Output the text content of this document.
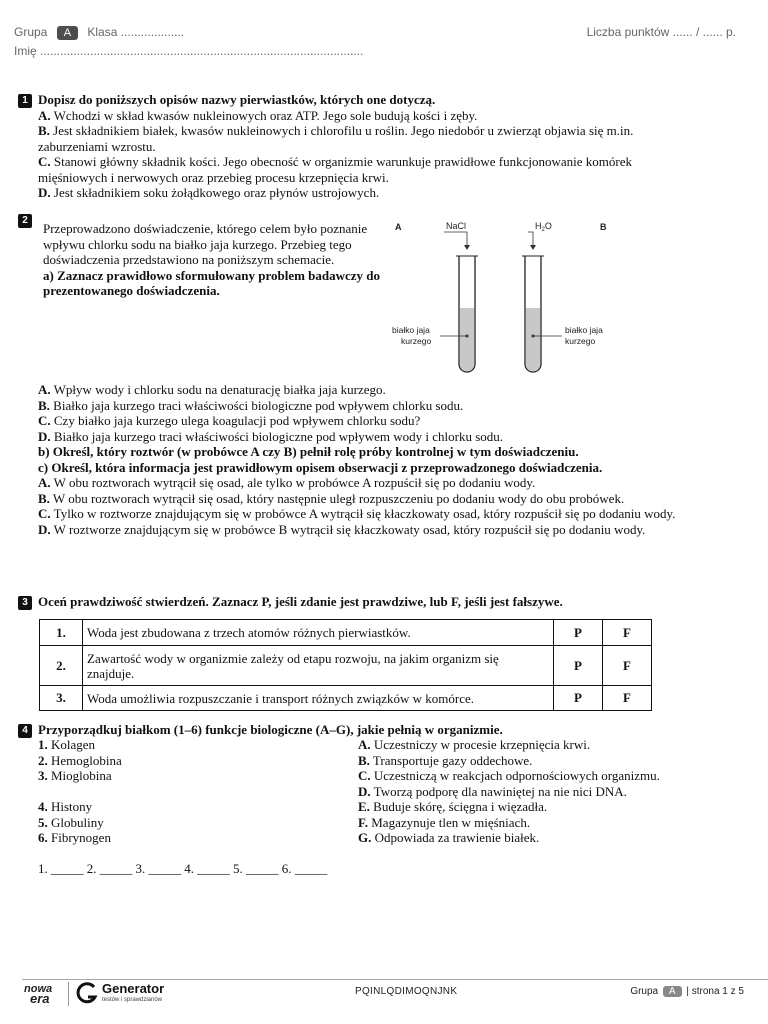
Grupa A Klasa ...................	Liczba punktów ...... / ...... p.
Imię .................................................................................................
1 Dopisz do poniższych opisów nazwy pierwiastków, których one dotyczą.

A. Wchodzi w skład kwasów nukleinowych oraz ATP. Jego sole budują kości i zęby.

B. Jest składnikiem białek, kwasów nukleinowych i chlorofilu u roślin. Jego niedobór u zwierząt objawia się m.in. zaburzeniami wzrostu.

C. Stanowi główny składnik kości. Jego obecność w organizmie warunkuje prawidłowe funkcjonowanie komórek mięśniowych i nerwowych oraz przebieg procesu krzepnięcia krwi.

D. Jest składnikiem soku żołądkowego oraz płynów ustrojowych.

2

Przeprowadzono doświadczenie, którego celem było poznanie wpływu chlorku sodu na białko jaja kurzego. Przebieg tego doświadczenia przedstawiono na poniższym schemacie.

a) Zaznacz prawidłowo sformułowany problem badawczy do prezentowanego doświadczenia.

A	B
NaCl	$H_2O$
białko jaja
kurzego
białko jaja
kurzego

A. Wpływ wody i chlorku sodu na denaturację białka jaja kurzego.

B. Białko jaja kurzego traci właściwości biologiczne pod wpływem chlorku sodu.

C. Czy białko jaja kurzego ulega koagulacji pod wpływem chlorku sodu?

D. Białko jaja kurzego traci właściwości biologiczne pod wpływem wody i chlorku sodu.

b) Określ, który roztwór (w probówce A czy B) pełnił rolę próby kontrolnej w tym doświadczeniu.

c) Określ, która informacja jest prawidłowym opisem obserwacji z przeprowadzonego doświadczenia.

A. W obu roztworach wytrącił się osad, ale tylko w probówce A rozpuścił się po dodaniu wody.

B. W obu roztworach wytrącił się osad, który następnie uległ rozpuszczeniu po dodaniu wody do obu probówek.

C. Tylko w roztworze znajdującym się w probówce A wytrącił się kłaczkowaty osad, który rozpuścił się po dodaniu wody.

D. W roztworze znajdującym się w probówce B wytrącił się kłaczkowaty osad, który rozpuścił się po dodaniu wody.

3 Oceń prawdziwość stwierdzeń. Zaznacz P, jeśli zdanie jest prawdziwe, lub F, jeśli jest fałszywe.

1.	Woda jest zbudowana z trzech atomów różnych pierwiastków.	P	F
2.	Zawartość wody w organizmie zależy od etapu rozwoju, na jakim organizm się znajduje.	P	F
3.	Woda umożliwia rozpuszczanie i transport różnych związków w komórce.	P	F
4 Przyporządkuj białkom (1–6) funkcje biologiczne (A–G), jakie pełnią w organizmie.

1. Kolagen

2. Hemoglobina

3. Mioglobina

4. Histony

5. Globuliny

6. Fibrynogen

A. Uczestniczy w procesie krzepnięcia krwi.

B. Transportuje gazy oddechowe.

C. Uczestniczą w reakcjach odpornościowych organizmu.

D. Tworzą podporę dla nawiniętej na nie nici DNA.

E. Buduje skórę, ścięgna i więzadła.

F. Magazynuje tlen w mięśniach.

G. Odpowiada za trawienie białek.

1. _____ 2. _____ 3. _____ 4. _____ 5. _____ 6. _____
nowa
era
Generator
testów i sprawdzianów
PQINLQDIMOQNJNK	Grupa A | strona 1 z 5
